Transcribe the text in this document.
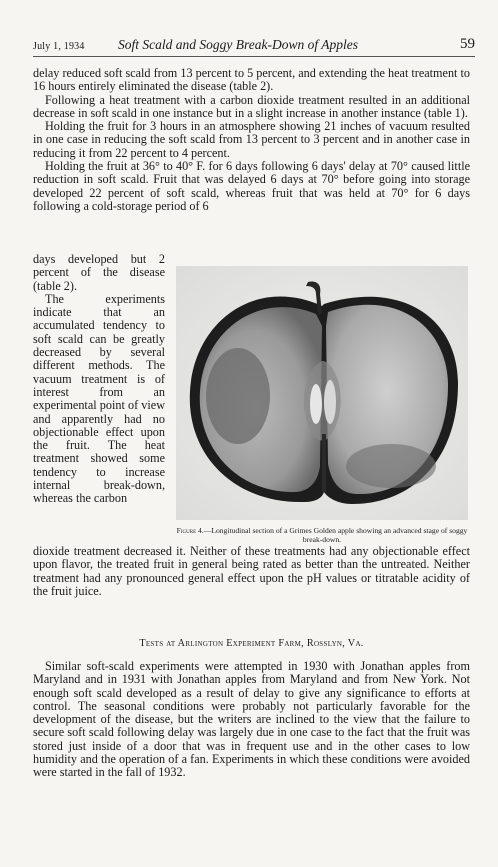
July 1, 1934 Soft Scald and Soggy Break-Down of Apples	59

delay reduced soft scald from 13 percent to 5 percent, and extending the heat treatment to 16 hours entirely eliminated the disease (table 2).

Following a heat treatment with a carbon dioxide treatment resulted in an additional decrease in soft scald in one instance but in a slight increase in another instance (table 1).

Holding the fruit for 3 hours in an atmosphere showing 21 inches of vacuum resulted in one case in reducing the soft scald from 13 percent to 3 percent and in another case in reducing it from 22 percent to 4 percent.

Holding the fruit at 36° to 40° F. for 6 days following 6 days' delay at 70° caused little reduction in soft scald. Fruit that was delayed 6 days at 70° before going into storage developed 22 percent of soft scald, whereas fruit that was held at 70° for 6 days following a cold-storage period of 6

days developed but 2 percent of the disease (table 2).

The experiments indicate that an accumulated tendency to soft scald can be greatly decreased by several different methods. The vacuum treatment is of interest from an experimental point of view and apparently had no objectionable effect upon the fruit. The heat treatment showed some tendency to increase internal break-down, whereas the carbon

Figure 4.—Longitudinal section of a Grimes Golden apple showing an advanced stage of soggy break-down.

dioxide treatment decreased it. Neither of these treatments had any objectionable effect upon flavor, the treated fruit in general being rated as better than the untreated. Neither treatment had any pronounced general effect upon the pH values or titratable acidity of the fruit juice.

Tests at Arlington Experiment Farm, Rosslyn, Va.

Similar soft-scald experiments were attempted in 1930 with Jonathan apples from Maryland and in 1931 with Jonathan apples from Maryland and from New York. Not enough soft scald developed as a result of delay to give any significance to efforts at control. The seasonal conditions were probably not particularly favorable for the development of the disease, but the writers are inclined to the view that the failure to secure soft scald following delay was largely due in one case to the fact that the fruit was stored just inside of a door that was in frequent use and in the other cases to low humidity and the operation of a fan. Experiments in which these conditions were avoided were started in the fall of 1932.
